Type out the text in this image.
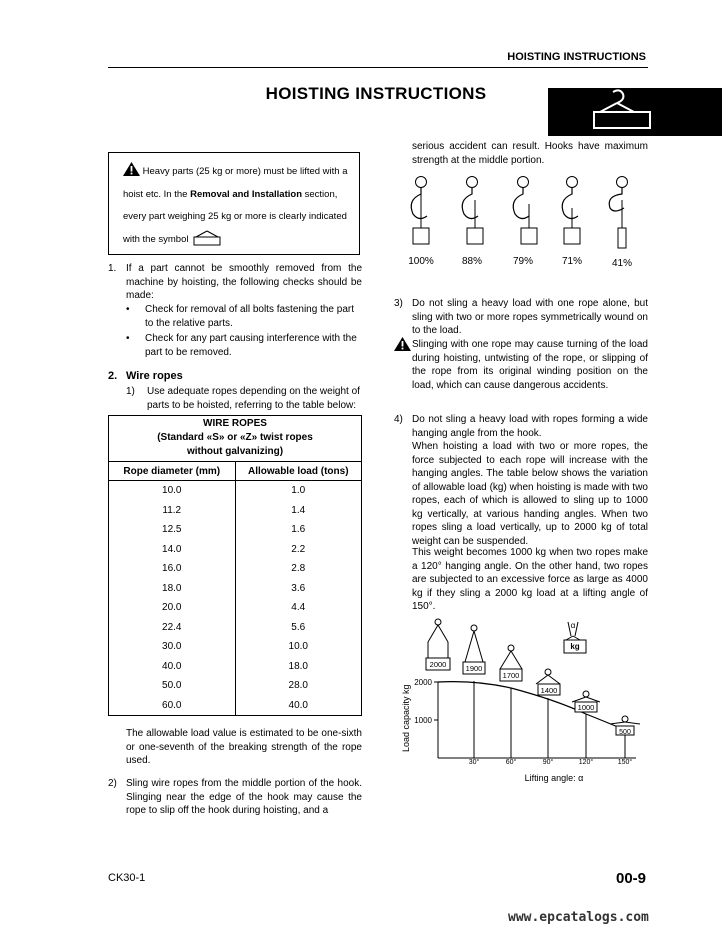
HOISTING INSTRUCTIONS
HOISTING INSTRUCTIONS
Heavy parts (25 kg or more) must be lifted with a
hoist etc. In the Removal and Installation section,
every part weighing 25 kg or more is clearly indicated
with the symbol
1. If a part cannot be smoothly removed from the machine by hoisting, the following checks should be made:
• Check for removal of all bolts fastening the part to the relative parts.
• Check for any part causing interference with the part to be removed.
2. Wire ropes
1) Use adequate ropes depending on the weight of parts to be hoisted, referring to the table below:
WIRE ROPES
(Standard «S» or «Z» twist ropes
without galvanizing)	

Rope diameter (mm)	Allowable load (tons)
10.0	1.0
11.2	1.4
12.5	1.6
14.0	2.2
16.0	2.8
18.0	3.6
20.0	4.4
22.4	5.6
30.0	10.0
40.0	18.0
50.0	28.0
60.0	40.0
The allowable load value is estimated to be one-sixth or one-seventh of the breaking strength of the rope used.
2) Sling wire ropes from the middle portion of the hook. Slinging near the edge of the hook may cause the rope to slip off the hook during hoisting, and a
serious accident can result. Hooks have maximum strength at the middle portion.
100%	88%	79%	71%	41%
3) Do not sling a heavy load with one rope alone, but sling with two or more ropes symmetrically wound on to the load.
Slinging with one rope may cause turning of the load during hoisting, untwisting of the rope, or slipping of the rope from its original winding position on the load, which can cause dangerous accidents.
4) Do not sling a heavy load with ropes forming a wide hanging angle from the hook.
When hoisting a load with two or more ropes, the force subjected to each rope will increase with the hanging angles. The table below shows the variation of allowable load (kg) when hoisting is made with two ropes, each of which is allowed to sling up to 1000 kg vertically, at various handing angles. When two ropes sling a load vertically, up to 2000 kg of total weight can be suspended.
This weight becomes 1000 kg when two ropes make a 120° hanging angle. On the other hand, two ropes are subjected to an excessive force as large as 4000 kg if they sling a 2000 kg load at a lifting angle of 150°.
Load capacity kg
2000
1000
30°	60°	90°	120°	150°
Lifting angle: α
2000	1900
1700
1400
1000
500
α
kg
CK30-1	00-9
www.epcatalogs.com
